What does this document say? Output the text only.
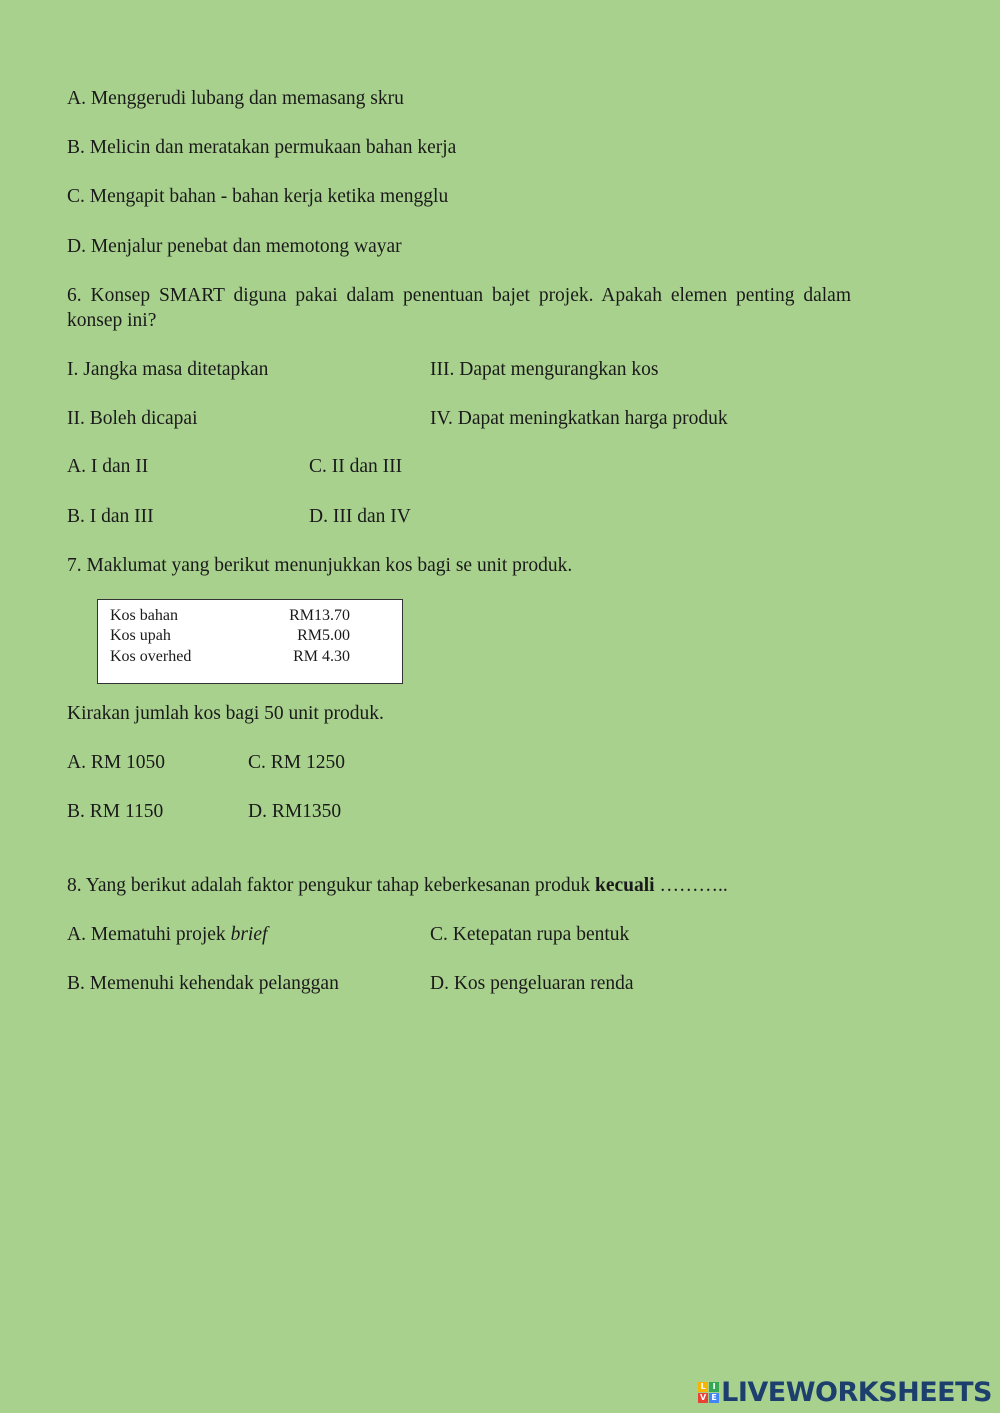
A. Menggerudi lubang dan memasang skru
B. Melicin dan meratakan permukaan bahan kerja
C. Mengapit bahan - bahan kerja ketika mengglu
D. Menjalur penebat dan memotong wayar
6. Konsep SMART diguna pakai dalam penentuan bajet projek. Apakah elemen penting dalam konsep ini?
I. Jangka masa ditetapkan	III. Dapat mengurangkan kos
II. Boleh dicapai	IV. Dapat meningkatkan harga produk
A. I dan II	C. II dan III
B. I dan III	D. III dan IV
7. Maklumat yang berikut menunjukkan kos bagi se unit produk.
Kos bahan	RM13.70
Kos upah	RM5.00
Kos overhed	RM 4.30
Kirakan jumlah kos bagi 50 unit produk.
A. RM 1050	C. RM 1250
B. RM 1150	D. RM1350
8. Yang berikut adalah faktor pengukur tahap keberkesanan produk kecuali ………..
A. Mematuhi projek brief	C. Ketepatan rupa bentuk
B. Memenuhi kehendak pelanggan	D. Kos pengeluaran renda
L I
V E LIVEWORKSHEETS
